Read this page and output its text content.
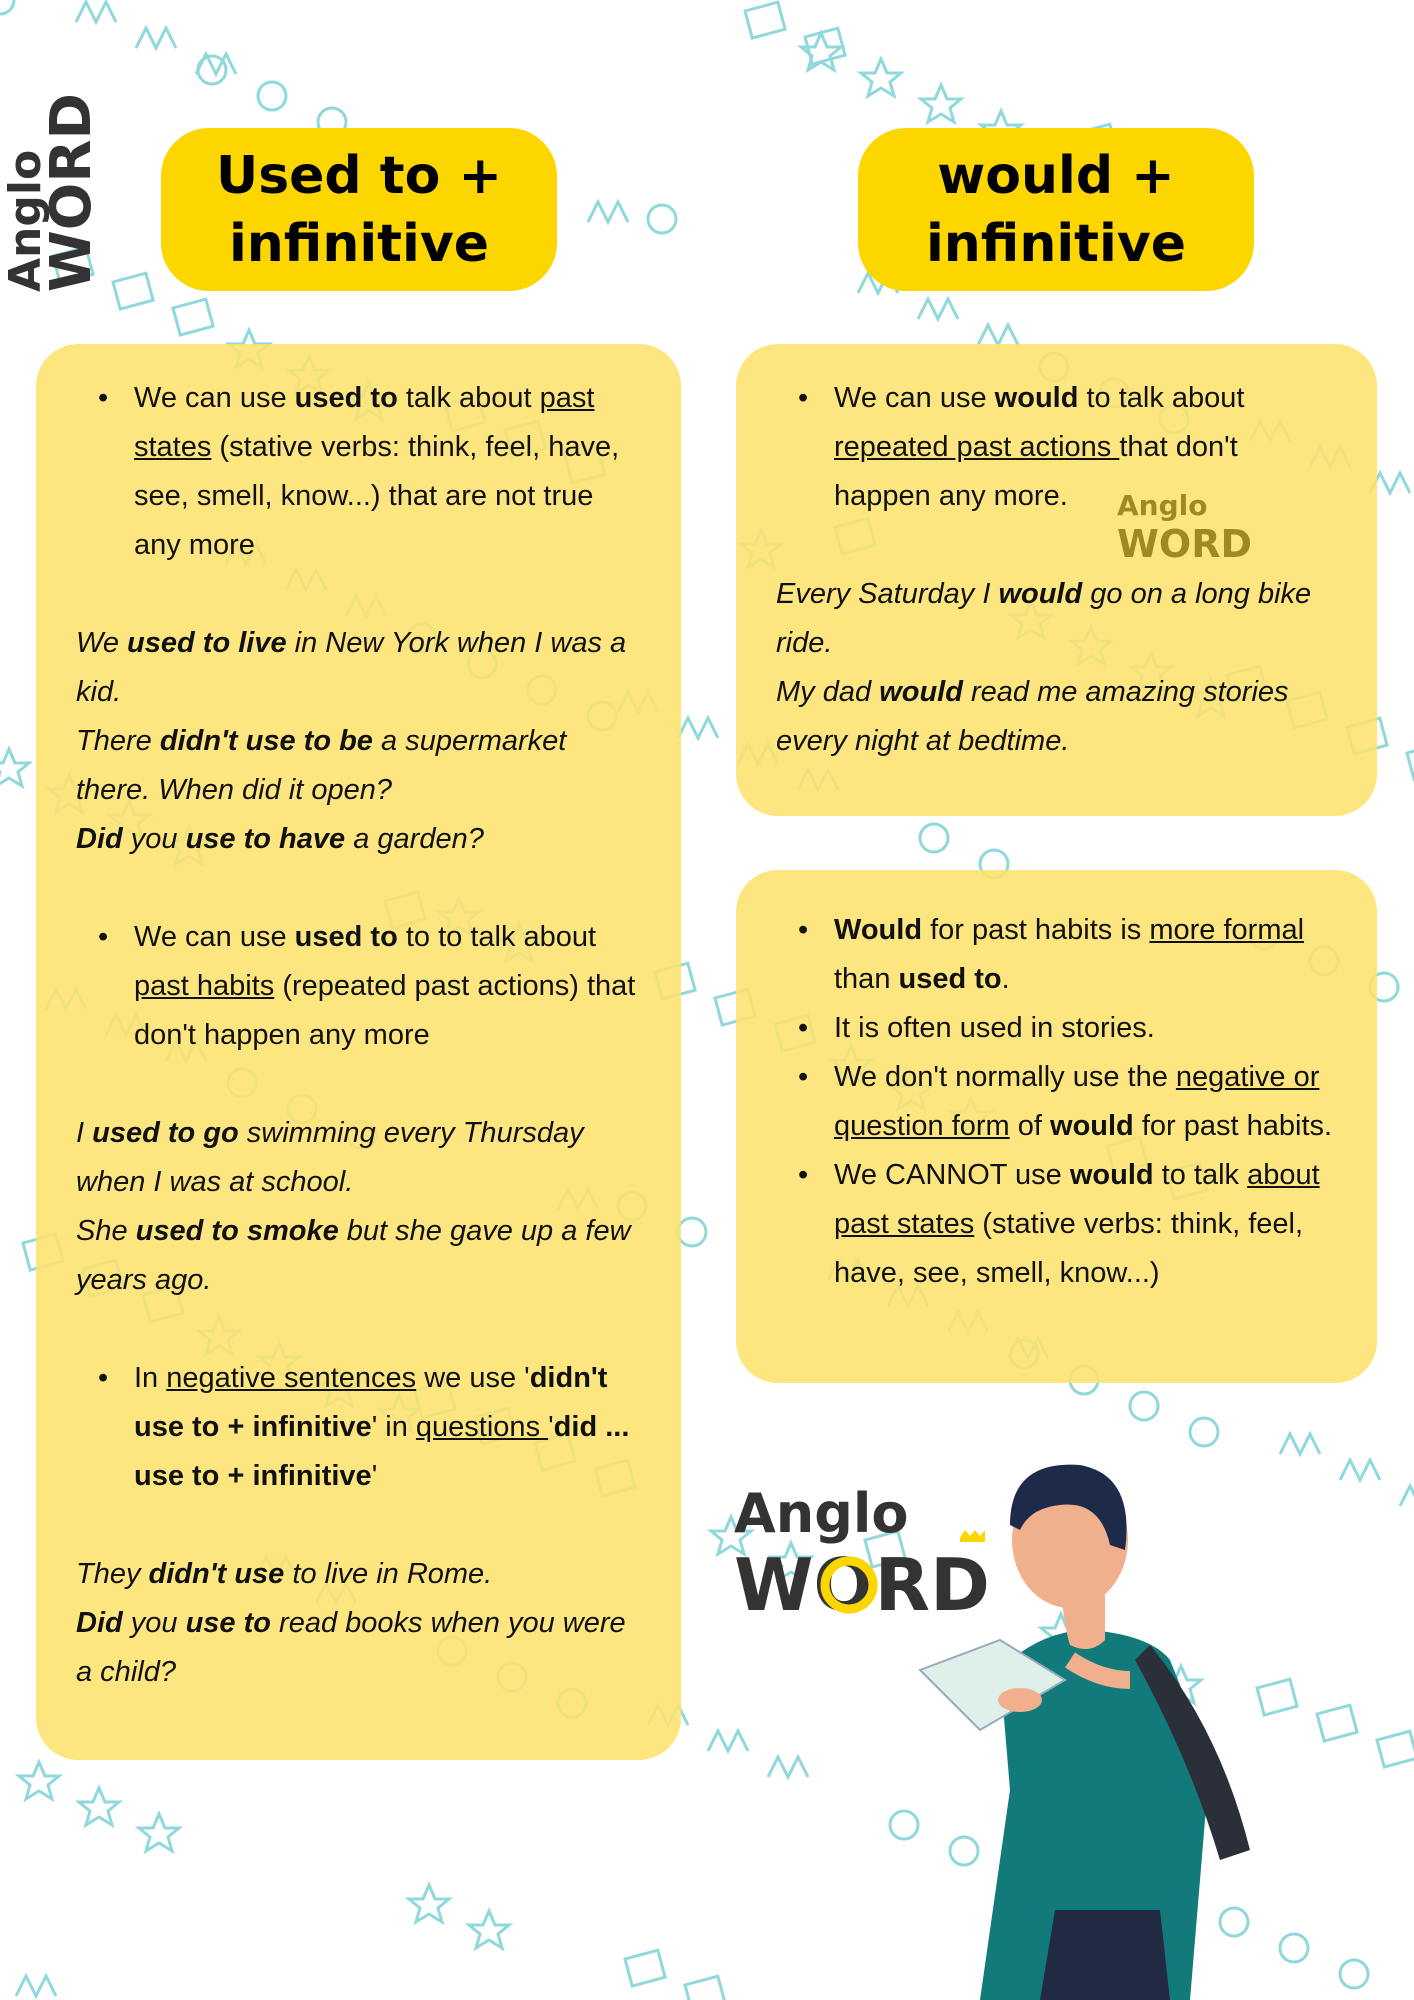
Anglo
WORD Used to +
infinitive
would +
infinitive
• We can use used to talk about past states (stative verbs: think, feel, have, see, smell, know...) that are not true any more
We used to live in New York when I was a kid.
There didn't use to be a supermarket there. When did it open?
Did you use to have a garden?
• We can use used to to to talk about past habits (repeated past actions) that don't happen any more
I used to go swimming every Thursday when I was at school.
She used to smoke but she gave up a few years ago.
• In negative sentences we use 'didn't use to + infinitive' in questions 'did ... use to + infinitive'
They didn't use to live in Rome.
Did you use to read books when you were a child?
• We can use would to talk about repeated past actions that don't happen any more.
Every Saturday I would go on a long bike ride.
My dad would read me amazing stories every night at bedtime.
• Would for past habits is more formal than used to.
• It is often used in stories.
• We don't normally use the negative or question form of would for past habits.
• We CANNOT use would to talk about past states (stative verbs: think, feel, have, see, smell, know...)
Anglo
WORD
Anglo
WORD
